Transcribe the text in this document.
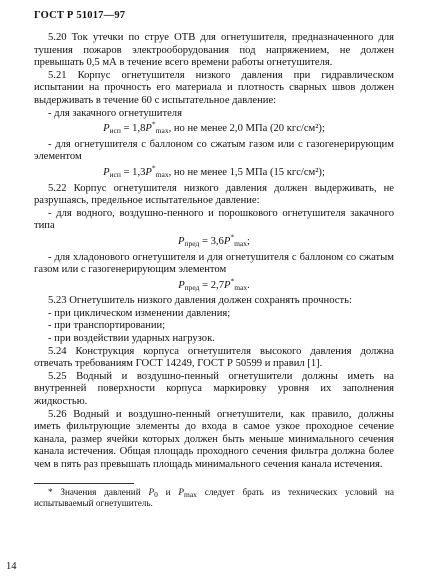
ГОСТ Р 51017—97

5.20 Ток утечки по струе ОТВ для огнетушителя, предназначенного для тушения пожаров электрооборудования под напряжением, не должен превышать 0,5 мА в течение всего времени работы огнетушителя.

5.21 Корпус огнетушителя низкого давления при гидравлическом испытании на прочность его материала и плотность сварных швов должен выдерживать в течение 60 с испытательное давление:

- для закачного огнетушителя

$P_{исп} = 1,8P^*_{max}$, но не менее 2,0 МПа (20 кгс/см²);

- для огнетушителя с баллоном со сжатым газом или с газогенерирующим элементом

$P_{исп} = 1,3P^*_{max}$, но не менее 1,5 МПа (15 кгс/см²);

5.22 Корпус огнетушителя низкого давления должен выдерживать, не разрушаясь, предельное испытательное давление:

- для водного, воздушно-пенного и порошкового огнетушителя закачного типа

$P_{пред} = 3,6P^*_{max}$;

- для хладонового огнетушителя и для огнетушителя с баллоном со сжатым газом или с газогенерирующим элементом

$P_{пред} = 2,7P^*_{max}$.

5.23 Огнетушитель низкого давления должен сохранять прочность:

- при циклическом изменении давления;

- при транспортировании;

- при воздействии ударных нагрузок.

5.24 Конструкция корпуса огнетушителя высокого давления должна отвечать требованиям ГОСТ 14249, ГОСТ Р 50599 и правил [1].

5.25 Водный и воздушно-пенный огнетушители должны иметь на внутренней поверхности корпуса маркировку уровня их заполнения жидкостью.

5.26 Водный и воздушно-пенный огнетушители, как правило, должны иметь фильтрующие элементы до входа в самое узкое проходное сечение канала, размер ячейки которых должен быть меньше минимального сечения канала истечения. Общая площадь проходного сечения фильтра должна более чем в пять раз превышать площадь минимального сечения канала истечения.

* Значения давлений $P_0$ и $P_{max}$ следует брать из технических условий на испытываемый огнетушитель.

14
